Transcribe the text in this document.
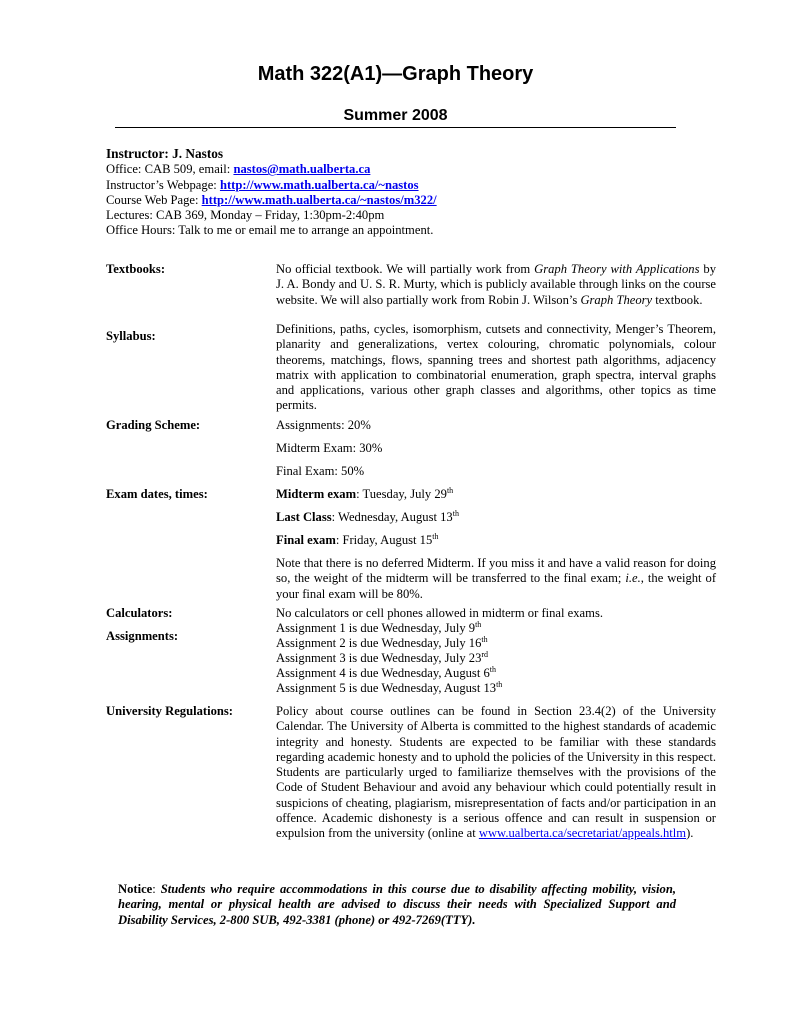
Math 322(A1)—Graph Theory
Summer 2008
Instructor: J. Nastos
Office: CAB 509, email: nastos@math.ualberta.ca
Instructor’s Webpage: http://www.math.ualberta.ca/~nastos
Course Web Page: http://www.math.ualberta.ca/~nastos/m322/
Lectures: CAB 369, Monday – Friday, 1:30pm-2:40pm
Office Hours: Talk to me or email me to arrange an appointment.
Textbooks:	No official textbook. We will partially work from Graph Theory with Applications by J. A. Bondy and U. S. R. Murty, which is publicly available through links on the course website. We will also partially work from Robin J. Wilson’s Graph Theory textbook.
Syllabus:	Definitions, paths, cycles, isomorphism, cutsets and connectivity, Menger’s Theorem, planarity and generalizations, vertex colouring, chromatic polynomials, colour theorems, matchings, flows, spanning trees and shortest path algorithms, adjacency matrix with application to combinatorial enumeration, graph spectra, interval graphs and applications, various other graph classes and algorithms, other topics as time permits.
Grading Scheme:	Assignments: 20%
Midterm Exam: 30%
Final Exam: 50%
Exam dates, times:	Midterm exam: Tuesday, July 29th
Last Class: Wednesday, August 13th
Final exam: Friday, August 15th
Note that there is no deferred Midterm. If you miss it and have a valid reason for doing so, the weight of the midterm will be transferred to the final exam; i.e., the weight of your final exam will be 80%.
Calculators:	No calculators or cell phones allowed in midterm or final exams.
Assignments:
Assignment 1 is due Wednesday, July 9th
Assignment 2 is due Wednesday, July 16th
Assignment 3 is due Wednesday, July 23rd
Assignment 4 is due Wednesday, August 6th
Assignment 5 is due Wednesday, August 13th
University Regulations:	Policy about course outlines can be found in Section 23.4(2) of the University Calendar. The University of Alberta is committed to the highest standards of academic integrity and honesty. Students are expected to be familiar with these standards regarding academic honesty and to uphold the policies of the University in this respect. Students are particularly urged to familiarize themselves with the provisions of the Code of Student Behaviour and avoid any behaviour which could potentially result in suspicions of cheating, plagiarism, misrepresentation of facts and/or participation in an offence. Academic dishonesty is a serious offence and can result in suspension or expulsion from the university (online at www.ualberta.ca/secretariat/appeals.htlm).
Notice: Students who require accommodations in this course due to disability affecting mobility, vision, hearing, mental or physical health are advised to discuss their needs with Specialized Support and Disability Services, 2-800 SUB, 492-3381 (phone) or 492-7269(TTY).
